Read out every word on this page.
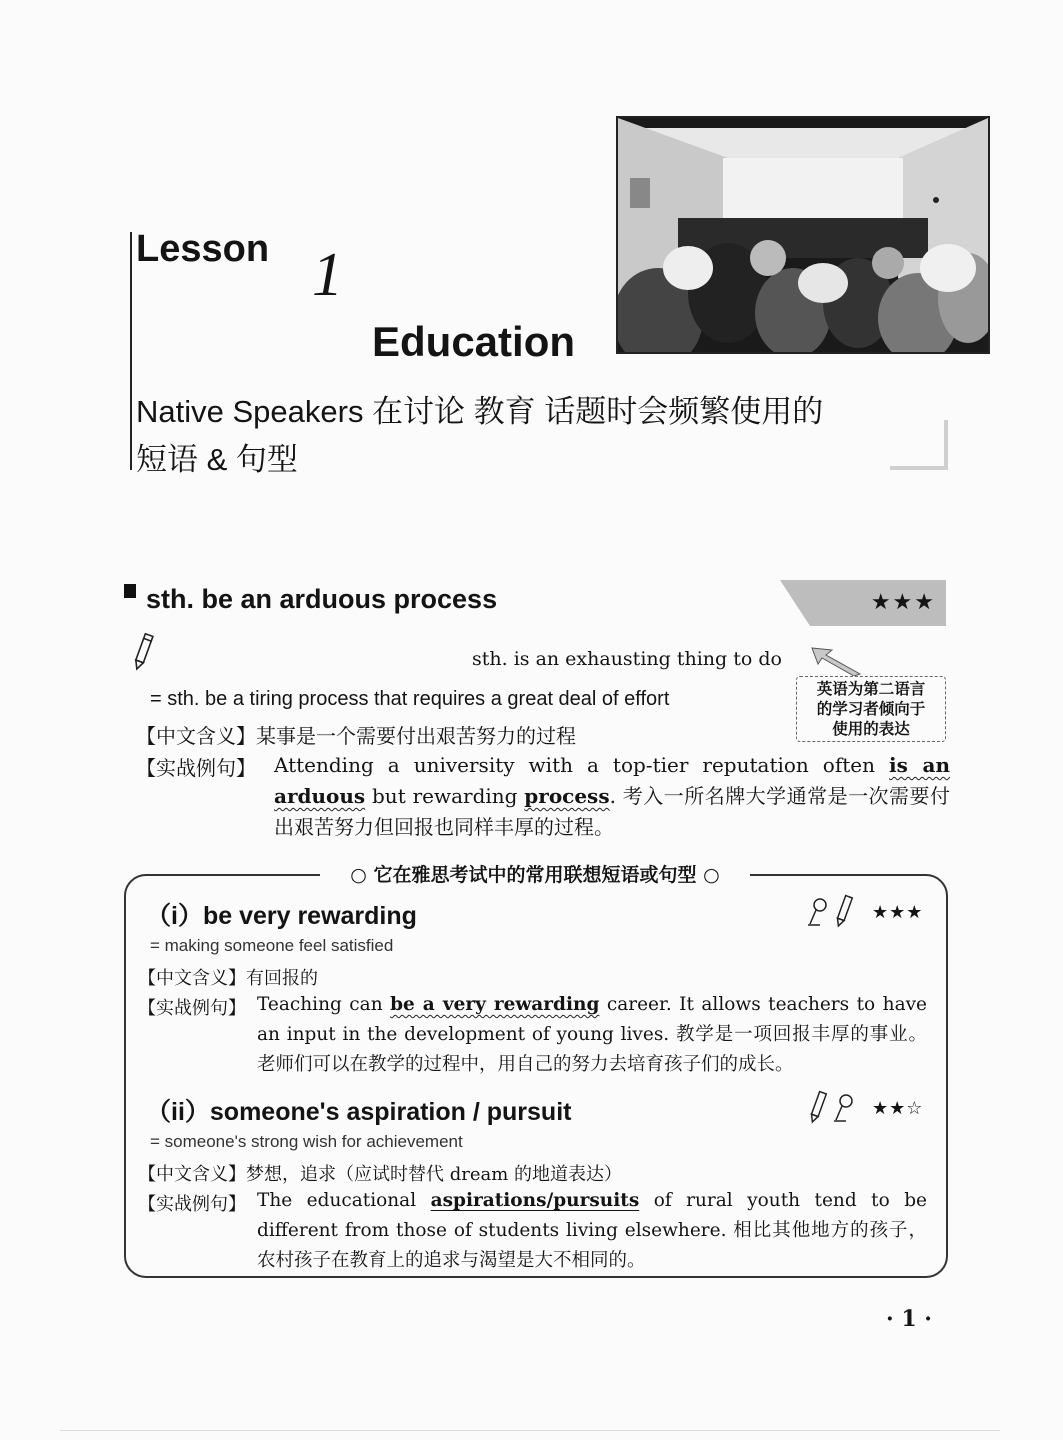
Lesson 1
Education
Native Speakers 在讨论 教育 话题时会频繁使用的
短语 & 句型
sth. be an arduous process	★★★
sth. is an exhausting thing to do
英语为第二语言
的学习者倾向于
使用的表达
= sth. be a tiring process that requires a great deal of effort
【中文含义】某事是一个需要付出艰苦努力的过程
【实战例句】 Attending a university with a top-tier reputation often is an arduous but rewarding process. 考入一所名牌大学通常是一次需要付出艰苦努力但回报也同样丰厚的过程。
○ 它在雅思考试中的常用联想短语或句型 ○
（i）be very rewarding	★★★
= making someone feel satisfied
【中文含义】有回报的
【实战例句】 Teaching can be a very rewarding career. It allows teachers to have an input in the development of young lives. 教学是一项回报丰厚的事业。老师们可以在教学的过程中，用自己的努力去培育孩子们的成长。
（ii）someone's aspiration / pursuit	★★☆
= someone's strong wish for achievement
【中文含义】梦想，追求（应试时替代 dream 的地道表达）
【实战例句】 The educational aspirations/pursuits of rural youth tend to be different from those of students living elsewhere. 相比其他地方的孩子，农村孩子在教育上的追求与渴望是大不相同的。
· 1 ·
